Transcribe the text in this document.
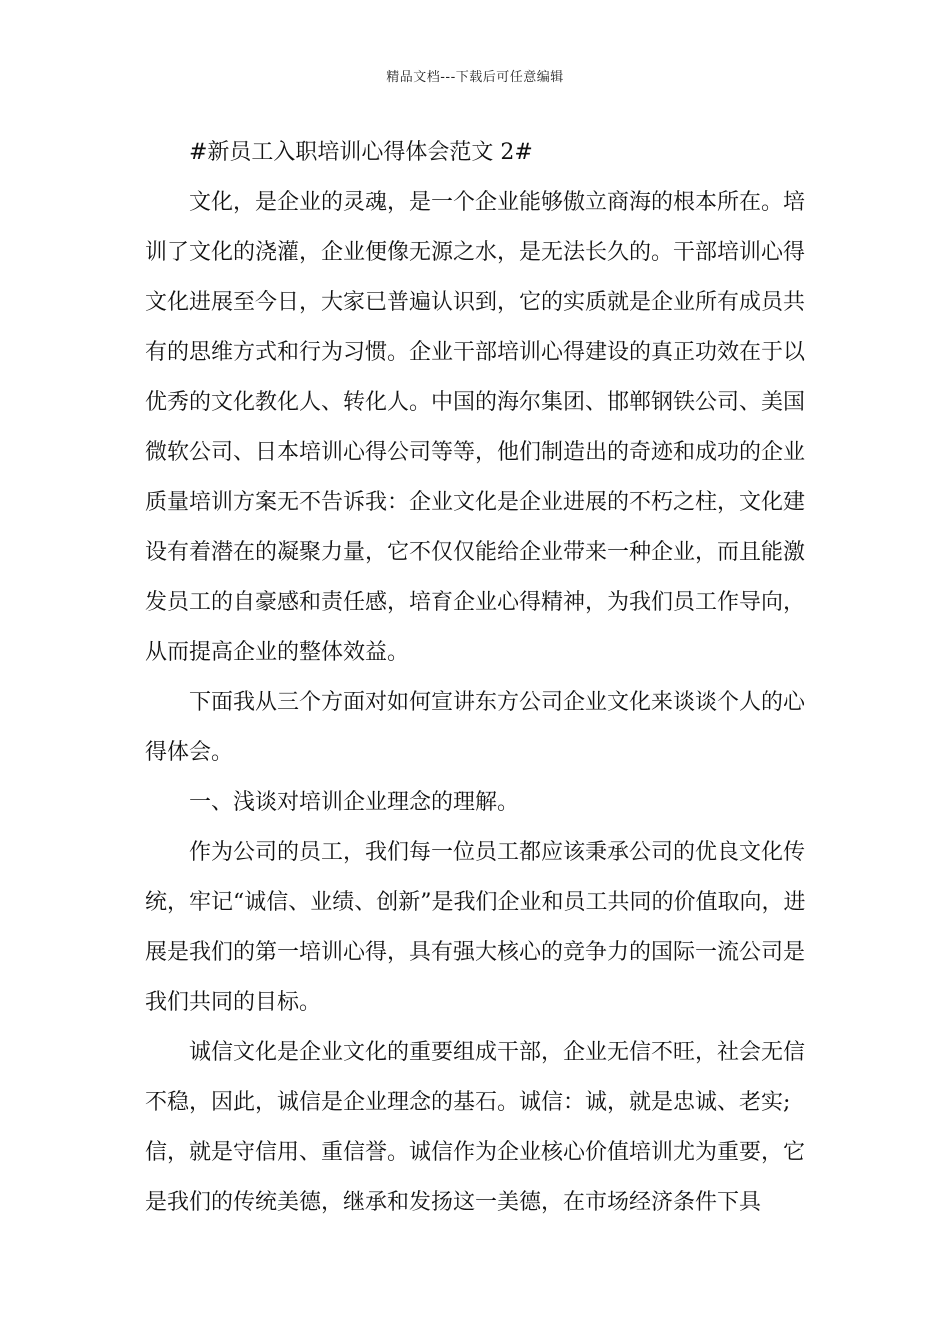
精品文档---下载后可任意编辑

#新员工入职培训心得体会范文 2#

文化，是企业的灵魂，是一个企业能够傲立商海的根本所在。培训了文化的浇灌，企业便像无源之水，是无法长久的。干部培训心得文化进展至今日，大家已普遍认识到，它的实质就是企业所有成员共有的思维方式和行为习惯。企业干部培训心得建设的真正功效在于以优秀的文化教化人、转化人。中国的海尔集团、邯郸钢铁公司、美国微软公司、日本培训心得公司等等，他们制造出的奇迹和成功的企业质量培训方案无不告诉我：企业文化是企业进展的不朽之柱，文化建设有着潜在的凝聚力量，它不仅仅能给企业带来一种企业，而且能激发员工的自豪感和责任感，培育企业心得精神，为我们员工作导向，从而提高企业的整体效益。

下面我从三个方面对如何宣讲东方公司企业文化来谈谈个人的心得体会。

一、浅谈对培训企业理念的理解。

作为公司的员工，我们每一位员工都应该秉承公司的优良文化传统，牢记“诚信、业绩、创新”是我们企业和员工共同的价值取向，进展是我们的第一培训心得，具有强大核心的竞争力的国际一流公司是我们共同的目标。

诚信文化是企业文化的重要组成干部，企业无信不旺，社会无信不稳，因此，诚信是企业理念的基石。诚信：诚，就是忠诚、老实;信，就是守信用、重信誉。诚信作为企业核心价值培训尤为重要，它是我们的传统美德，继承和发扬这一美德，在市场经济条件下具
